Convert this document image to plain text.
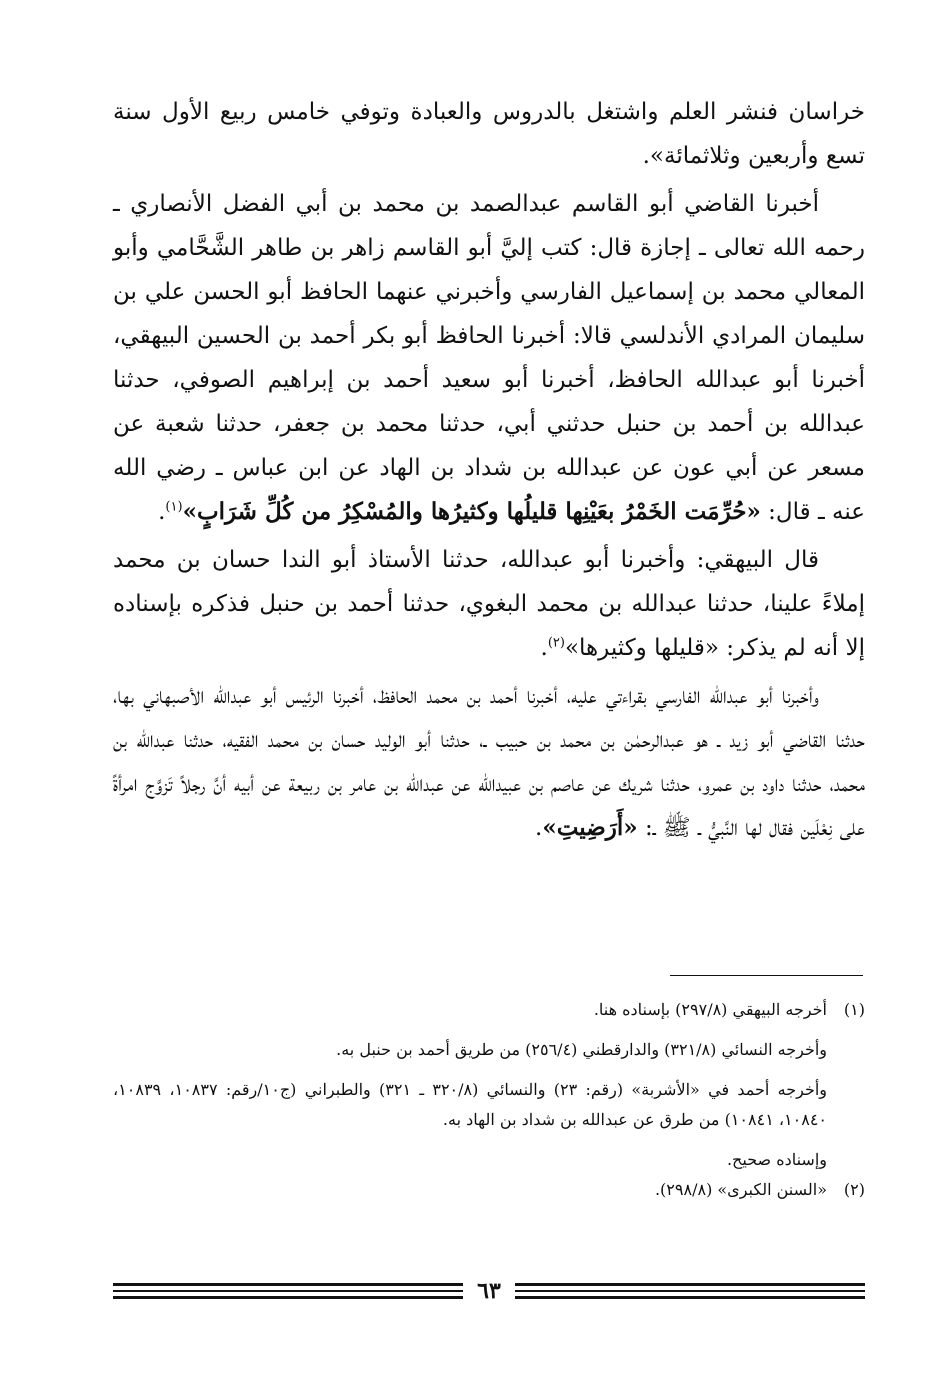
خراسان فنشر العلم واشتغل بالدروس والعبادة وتوفي خامس ربيع الأول سنة تسع وأربعين وثلاثمائة».

أخبرنا القاضي أبو القاسم عبدالصمد بن محمد بن أبي الفضل الأنصاري ـ رحمه الله تعالى ـ إجازة قال: كتب إليَّ أبو القاسم زاهر بن طاهر الشَّحَّامي وأبو المعالي محمد بن إسماعيل الفارسي وأخبرني عنهما الحافظ أبو الحسن علي بن سليمان المرادي الأندلسي قالا: أخبرنا الحافظ أبو بكر أحمد بن الحسين البيهقي، أخبرنا أبو عبدالله الحافظ، أخبرنا أبو سعيد أحمد بن إبراهيم الصوفي، حدثنا عبدالله بن أحمد بن حنبل حدثني أبي، حدثنا محمد بن جعفر، حدثنا شعبة عن مسعر عن أبي عون عن عبدالله بن شداد بن الهاد عن ابن عباس ـ رضي الله عنه ـ قال: «حُرِّمَت الخَمْرُ بعَيْنِها قليلُها وكثيرُها والمُسْكِرُ من كُلِّ شَرَابٍ»$^{(١)}$.

قال البيهقي: وأخبرنا أبو عبدالله، حدثنا الأستاذ أبو الندا حسان بن محمد إملاءً علينا، حدثنا عبدالله بن محمد البغوي، حدثنا أحمد بن حنبل فذكره بإسناده إلا أنه لم يذكر: «قليلها وكثيرها»$^{(٢)}$.

وأخبرنا أبو عبدالله الفارسي بقراءتي عليه، أخبرنا أحمد بن محمد الحافظ، أخبرنا الرئيس أبو عبدالله الأصبهاني بها، حدثنا القاضي أبو زيد ـ هو عبدالرحمٰن بن محمد بن حبيب ـ، حدثنا أبو الوليد حسان بن محمد الفقيه، حدثنا عبدالله بن محمد، حدثنا داود بن عمرو، حدثنا شريك عن عاصم بن عبيدالله عن عبدالله بن عامر بن ربيعة عن أبيه أنَّ رجلاً تَزوَّج امرأةً على نِعْلَين فقال لها النَّبيُّ ـ ﷺ ـ: «أَرَضِيتِ».

(١)
أخرجه البيهقي (٢٩٧/٨) بإسناده هنا.
وأخرجه النسائي (٣٢١/٨) والدارقطني (٢٥٦/٤) من طريق أحمد بن حنبل به.
وأخرجه أحمد في «الأشربة» (رقم: ٢٣) والنسائي (٣٢٠/٨ ـ ٣٢١) والطبراني (ج١٠/رقم: ١٠٨٣٧، ١٠٨٣٩، ١٠٨٤٠، ١٠٨٤١) من طرق عن عبدالله بن شداد بن الهاد به.
وإسناده صحيح.
(٢)
«السنن الكبرى» (٢٩٨/٨).
٦٣
